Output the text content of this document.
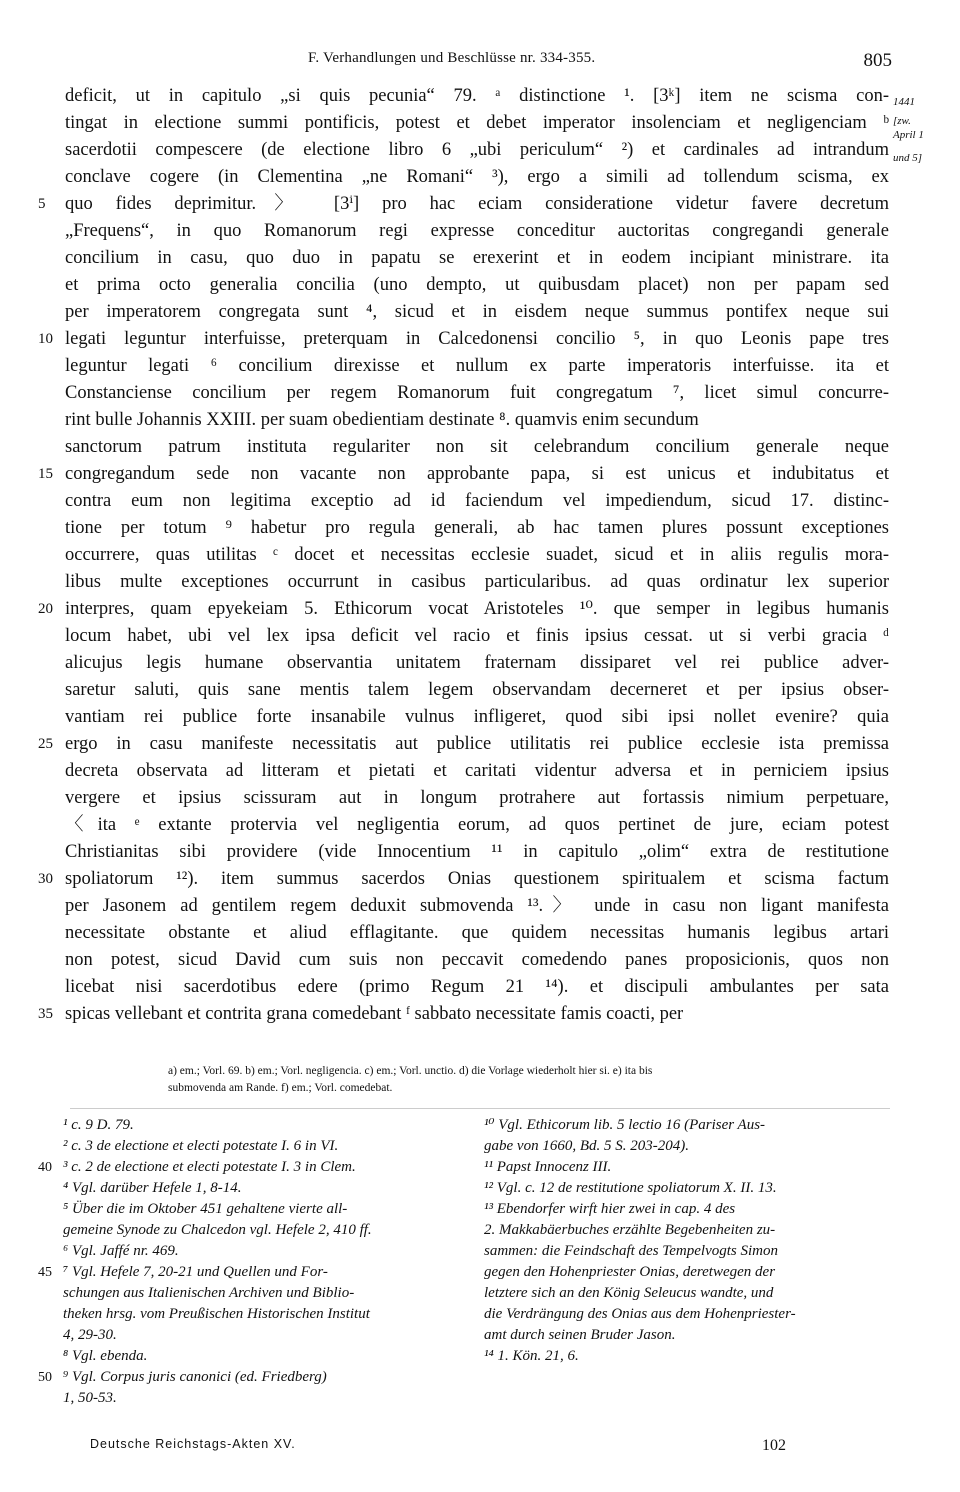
F. Verhandlungen und Beschlüsse nr. 334-355.	805
1441
[zw.
April 1
und 5]
deficit, ut in capitulo „si quis pecunia“ 79. ᵃ distinctione ¹. [3ᵏ] item ne scisma con-
tingat in electione summi pontificis, potest et debet imperator insolenciam et negligenciam ᵇ
sacerdotii compescere (de electione libro 6 „ubi periculum“ ²) et cardinales ad intrandum
conclave cogere (in Clementina „ne Romani“ ³), ergo a simili ad tollendum scisma, ex
5	quo fides deprimitur.〉 [3ⁱ] pro hac eciam consideratione videtur favere decretum
„Frequens“, in quo Romanorum regi expresse conceditur auctoritas congregandi generale
concilium in casu, quo duo in papatu se erexerint et in eodem incipiant ministrare. ita
et prima octo generalia concilia (uno dempto, ut quibusdam placet) non per papam sed
per imperatorem congregata sunt ⁴, sicud et in eisdem neque summus pontifex neque sui
10 legati leguntur interfuisse, preterquam in Calcedonensi concilio ⁵, in quo Leonis pape tres
leguntur legati ⁶ concilium direxisse et nullum ex parte imperatoris interfuisse. ita et
Constanciense concilium per regem Romanorum fuit congregatum ⁷, licet simul concurre-
rint bulle Johannis XXIII. per suam obedientiam destinate ⁸. quamvis enim secundum
sanctorum patrum instituta regulariter non sit celebrandum concilium generale neque
15 congregandum sede non vacante non approbante papa, si est unicus et indubitatus et
contra eum non legitima exceptio ad id faciendum vel impediendum, sicud 17. distinc-
tione per totum ⁹ habetur pro regula generali, ab hac tamen plures possunt exceptiones
occurrere, quas utilitas ᶜ docet et necessitas ecclesie suadet, sicud et in aliis regulis mora-
libus multe exceptiones occurrunt in casibus particularibus. ad quas ordinatur lex superior
20 interpres, quam epyekeiam 5. Ethicorum vocat Aristoteles ¹⁰. que semper in legibus humanis
locum habet, ubi vel lex ipsa deficit vel racio et finis ipsius cessat. ut si verbi gracia ᵈ
alicujus legis humane observantia unitatem fraternam dissiparet vel rei publice adver-
saretur saluti, quis sane mentis talem legem observandam decerneret et per ipsius obser-
vantiam rei publice forte insanabile vulnus infligeret, quod sibi ipsi nollet evenire? quia
25 ergo in casu manifeste necessitatis aut publice utilitatis rei publice ecclesie ista premissa
decreta observata ad litteram et pietati et caritati videntur adversa et in perniciem ipsius
vergere et ipsius scissuram aut in longum protrahere aut fortassis nimium perpetuare,
〈ita ᵉ extante protervia vel negligentia eorum, ad quos pertinet de jure, eciam potest
Christianitas sibi providere (vide Innocentium ¹¹ in capitulo „olim“ extra de restitutione
30 spoliatorum ¹²). item summus sacerdos Onias questionem spiritualem et scisma factum
per Jasonem ad gentilem regem deduxit submovenda ¹³.〉 unde in casu non ligant manifesta
necessitate obstante et aliud efflagitante. que quidem necessitas humanis legibus artari
non potest, sicud David cum suis non peccavit comedendo panes proposicionis, quos non
licebat nisi sacerdotibus edere (primo Regum 21 ¹⁴). et discipuli ambulantes per sata
35 spicas vellebant et contrita grana comedebant ᶠ sabbato necessitate famis coacti, per
a) em.; Vorl. 69. b) em.; Vorl. negligencia. c) em.; Vorl. unctio. d) die Vorlage wiederholt hier si. e) ita bis
submovenda am Rande. f) em.; Vorl. comedebat.
¹ c. 9 D. 79.
² c. 3 de electione et electi potestate I. 6 in VI.
³ c. 2 de electione et electi potestate I. 3 in Clem.
⁴ Vgl. darüber Hefele 1, 8-14.
⁵ Über die im Oktober 451 gehaltene vierte all-
gemeine Synode zu Chalcedon vgl. Hefele 2, 410 ff.
⁶ Vgl. Jaffé nr. 469.
⁷ Vgl. Hefele 7, 20-21 und Quellen und For-
schungen aus Italienischen Archiven und Biblio-
theken hrsg. vom Preußischen Historischen Institut
4, 29-30.
⁸ Vgl. ebenda.
⁹ Vgl. Corpus juris canonici (ed. Friedberg)
1, 50-53.
¹⁰ Vgl. Ethicorum lib. 5 lectio 16 (Pariser Aus-
gabe von 1660, Bd. 5 S. 203-204).
¹¹ Papst Innocenz III.
¹² Vgl. c. 12 de restitutione spoliatorum X. II. 13.
¹³ Ebendorfer wirft hier zwei in cap. 4 des
2. Makkabäerbuches erzählte Begebenheiten zu-
sammen: die Feindschaft des Tempelvogts Simon
gegen den Hohenpriester Onias, deretwegen der
letztere sich an den König Seleucus wandte, und
die Verdrängung des Onias aus dem Hohenpriester-
amt durch seinen Bruder Jason.
¹⁴ 1. Kön. 21, 6.
40
45
50
Deutsche Reichstags-Akten XV.	102
